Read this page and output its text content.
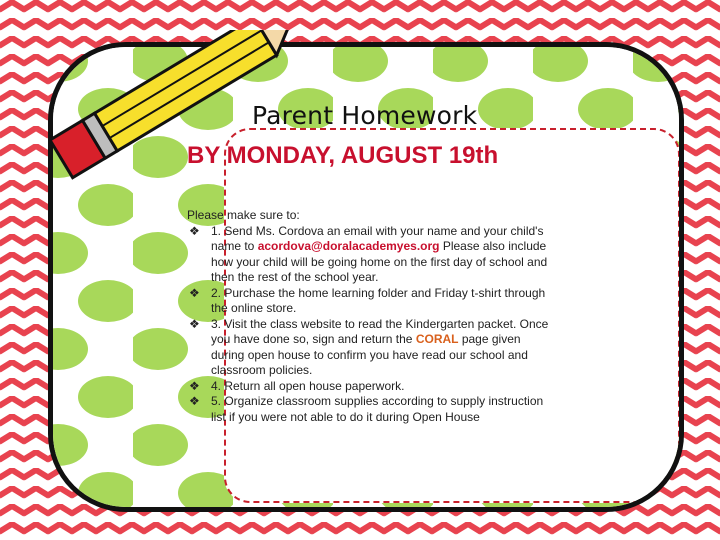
Parent Homework
BY MONDAY, AUGUST 19th

Please make sure to:

❖ 1. Send Ms. Cordova an email with your name and your child's name to acordova@doralacademyes.org Please also include how your child will be going home on the first day of school and then the rest of the school year.
❖ 2. Purchase the home learning folder and Friday t-shirt through the online store.
❖ 3. Visit the class website to read the Kindergarten packet. Once you have done so, sign and return the CORAL page given during open house to confirm you have read our school and classroom policies.
❖ 4. Return all open house paperwork.
❖ 5. Organize classroom supplies according to supply instruction list if you were not able to do it during Open House
